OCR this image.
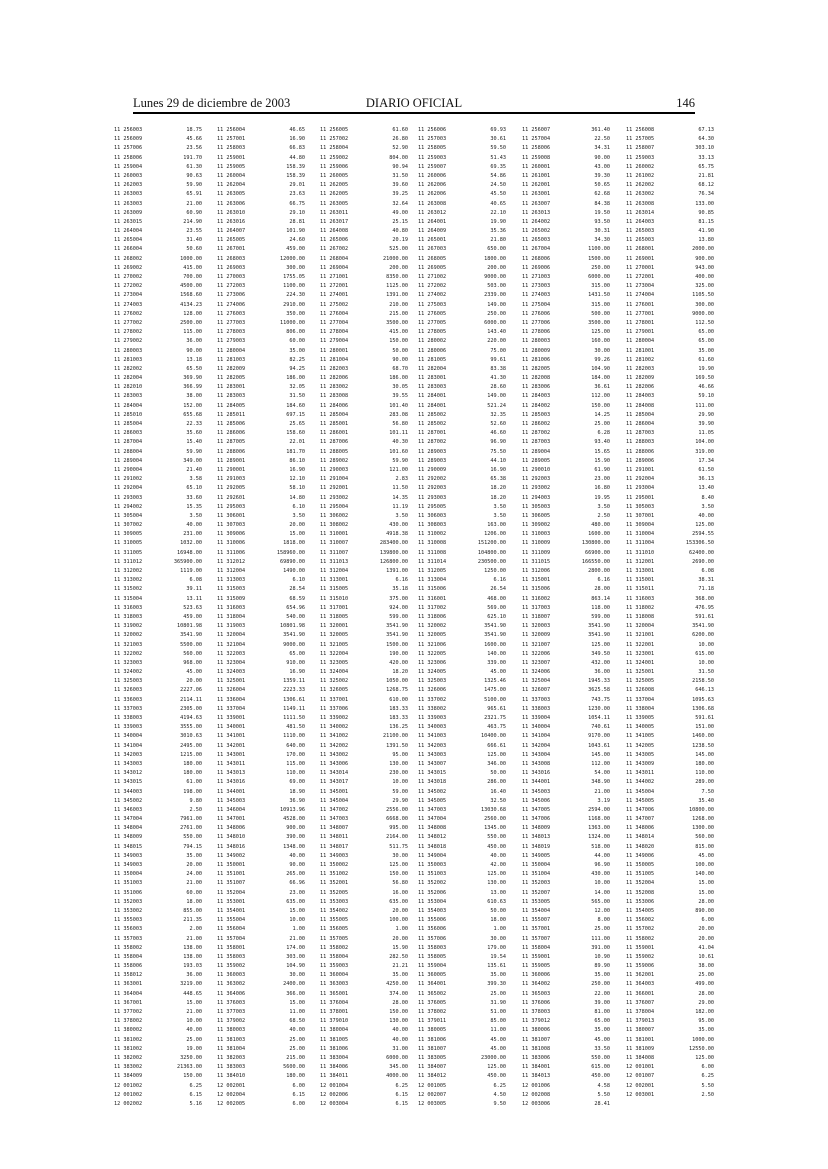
Lunes 29 de diciembre de 2003	DIARIO OFICIAL	146
11 256003	18.75
11 256009	45.66
11 257006	23.56
11 258006	191.70
11 259004	61.30
11 260003	90.63
11 262003	59.90
11 263003	65.91
11 263003	21.00
11 263009	60.90
11 263015	214.90
11 264004	23.55
11 265004	31.40
11 266004	50.60
11 268002	1000.00
11 269002	415.00
11 270002	700.00
11 272002	4500.00
11 273004	1568.60
11 274003	4134.23
11 276002	128.00
11 277002	2500.00
11 278002	115.00
11 279002	36.00
11 280003	90.00
11 281003	13.18
11 282002	65.50
11 282004	369.90
11 282010	366.99
11 283003	38.00
11 284004	152.00
11 285010	655.68
11 285004	22.33
11 286003	35.60
11 287004	15.40
11 288004	59.90
11 289004	349.00
11 290004	21.40
11 291002	3.58
11 292004	65.10
11 293003	33.60
11 294002	15.35
11 305004	3.50
11 307002	40.00
11 309005	231.00
11 310005	1032.00
11 311005	16948.00
11 311012	365900.00
11 312002	1119.00
11 313002	6.08
11 315002	39.11
11 315004	13.11
11 316003	523.63
11 318003	459.00
11 319002	10801.98
11 320002	3541.90
11 321003	5500.00
11 322002	560.00
11 323003	968.00
11 324002	45.00
11 325003	20.00
11 326003	2227.06
11 336003	2114.11
11 337003	2305.00
11 338003	4194.63
11 339003	3555.00
11 340004	3010.63
11 341004	2495.00
11 342003	1215.00
11 343003	180.00
11 343012	180.00
11 343015	61.00
11 344003	198.00
11 345002	9.80
11 346003	2.50
11 347004	7961.00
11 348004	2761.00
11 348009	550.00
11 348015	794.15
11 349003	35.00
11 349003	20.00
11 350004	24.00
11 351003	21.00
11 351006	60.00
11 352003	18.00
11 353002	855.00
11 355003	211.35
11 356003	2.00
11 357003	21.00
11 358002	138.00
11 358004	138.00
11 358006	193.03
11 358012	36.00
11 363001	3219.00
11 364004	448.65
11 367001	15.00
11 377002	21.00
11 378002	10.00
11 380002	40.00
11 381002	25.00
11 381002	19.00
11 382002	3250.00
11 383002	21363.00
11 384009	150.00
12 001002	6.25
12 001002	6.15
12 002002	5.16
11 256004	46.65
11 257001	16.90
11 258003	66.83
11 259001	44.80
11 259005	158.39
11 260004	158.39
11 262004	29.01
11 263005	23.63
11 263006	66.75
11 263010	29.10
11 263016	28.81
11 264007	101.90
11 265005	24.60
11 267001	459.00
11 268003	12000.00
11 269003	300.00
11 270003	1755.05
11 272003	1100.00
11 273006	224.30
11 274006	2910.00
11 276003	350.00
11 277003	11000.00
11 278003	806.00
11 279003	60.00
11 280004	35.00
11 281003	82.25
11 282009	94.25
11 282005	186.00
11 283001	32.05
11 283003	31.50
11 284005	184.60
11 285011	697.15
11 285006	25.65
11 286006	158.60
11 287005	22.01
11 288006	181.70
11 289001	86.10
11 290001	16.90
11 291003	12.10
11 292005	58.10
11 292601	14.80
11 295003	6.10
11 306001	3.50
11 307003	20.00
11 309006	15.00
11 310006	1818.00
11 311006	158960.00
11 312012	69890.00
11 312004	1490.00
11 313003	6.10
11 315003	28.54
11 315009	68.59
11 316003	654.96
11 318004	540.00
11 319003	10801.98
11 320004	3541.90
11 321004	9000.00
11 322003	65.00
11 323004	910.00
11 324003	16.90
11 325001	1359.11
11 326004	2223.33
11 336004	1306.61
11 337004	1149.11
11 339001	1111.50
11 340001	481.50
11 341001	1110.00
11 342001	640.00
11 343001	170.00
11 343011	115.00
11 343013	110.00
11 343016	69.00
11 344001	18.90
11 345003	36.90
11 346004	10913.96
11 347001	4528.00
11 348006	900.00
11 348010	390.00
11 348016	1348.00
11 349002	40.00
11 350001	90.00
11 351001	265.00
11 351007	66.96
11 352004	23.00
11 353001	635.00
11 354001	15.00
11 355004	10.00
11 356004	1.00
11 357004	21.00
11 358001	174.00
11 358003	303.00
11 359002	104.90
11 360003	30.00
11 363002	2400.00
11 364006	366.00
11 376003	15.00
11 377003	11.00
11 379002	68.50
11 380003	40.00
11 381003	25.00
11 381004	25.00
11 382003	215.00
11 383003	5600.00
11 384010	180.00
12 002001	6.00
12 002004	6.15
12 002005	6.00
11 256005	61.60
11 257002	26.80
11 258004	52.90
11 259002	804.00
11 259006	90.94
11 260005	31.50
11 262005	39.60
11 262005	39.25
11 263005	32.64
11 263011	49.00
11 263017	25.15
11 264008	40.80
11 265006	20.19
11 267002	525.00
11 268004	21000.00
11 269004	200.00
11 271001	8350.00
11 272001	1125.00
11 274001	1391.00
11 275002	210.00
11 276004	215.00
11 277004	3500.00
11 278004	415.00
11 279004	150.00
11 280001	50.00
11 281004	90.00
11 282003	68.70
11 282006	186.00
11 283002	30.05
11 283008	39.55
11 284006	101.40
11 285004	283.08
11 285001	56.80
11 286001	101.11
11 287006	40.30
11 288005	101.60
11 289002	59.90
11 290003	121.00
11 291004	2.83
11 292001	11.50
11 293002	14.35
11 295004	11.19
11 306002	3.50
11 308002	430.00
11 310001	4918.38
11 310007	283400.00
11 311007	139800.00
11 311013	126800.00
11 312004	1391.00
11 313001	6.16
11 315005	35.18
11 315010	375.00
11 317001	924.00
11 318005	599.00
11 320001	3541.90
11 320005	3541.90
11 321005	1500.00
11 322004	190.00
11 323005	420.00
11 324004	18.20
11 325002	1050.00
11 326005	1268.75
11 337001	610.00
11 337006	183.33
11 339002	183.33
11 340002	136.25
11 341002	21100.00
11 342002	1391.50
11 343002	95.00
11 343006	130.00
11 343014	230.00
11 343017	10.00
11 345001	59.00
11 345004	29.90
11 347002	2556.00
11 347003	6668.00
11 348007	995.00
11 348011	2164.00
11 348017	511.75
11 349003	30.00
11 350002	125.00
11 351002	150.00
11 352001	56.80
11 352005	16.00
11 353003	635.00
11 354002	20.00
11 355005	100.00
11 356005	1.00
11 357005	20.00
11 358002	15.90
11 358004	282.50
11 359003	21.21
11 360004	35.00
11 363003	4250.00
11 365001	374.00
11 376004	28.00
11 378001	150.00
11 379010	130.00
11 380004	40.00
11 381005	40.00
11 381006	31.00
11 383004	6000.00
11 384006	345.00
11 384011	4000.00
12 001004	6.25
12 002006	6.15
12 003004	6.15
11 256006	69.93
11 257003	30.61
11 258005	59.50
11 259003	51.43
11 259007	69.35
11 260006	54.86
11 262006	24.50
11 262006	45.50
11 263008	40.65
11 263012	22.10
11 264001	19.90
11 264009	35.36
11 265001	21.80
11 267003	650.00
11 268005	1800.00
11 269005	200.00
11 271002	9000.00
11 272002	503.00
11 274002	2339.00
11 275003	149.00
11 276005	250.00
11 277005	6000.00
11 278005	143.40
11 280002	220.00
11 280006	75.00
11 281005	99.61
11 282004	83.38
11 283001	41.30
11 283003	28.60
11 284001	149.00
11 284001	521.24
11 285002	32.35
11 285002	52.60
11 287001	46.60
11 287002	96.90
11 289003	75.50
11 289003	44.10
11 290009	16.90
11 292002	65.38
11 292003	18.20
11 293003	18.20
11 295005	3.50
11 306003	3.50
11 308003	163.00
11 310002	1206.00
11 310008	151200.00
11 311008	104800.00
11 311014	230500.00
11 312005	1250.00
11 313004	6.16
11 315006	26.54
11 316001	468.00
11 317002	569.00
11 318006	625.10
11 320002	3541.90
11 320005	3541.90
11 321006	1600.00
11 322005	140.00
11 323006	339.00
11 324005	45.00
11 325003	1325.46
11 326006	1475.00
11 337002	5100.00
11 338002	965.61
11 339003	2321.75
11 340003	463.75
11 341003	10400.00
11 342003	666.61
11 343003	125.00
11 343007	346.00
11 343015	50.00
11 343018	286.00
11 345002	16.40
11 345005	32.50
11 347003	13030.68
11 347004	2560.00
11 348008	1345.00
11 348012	550.00
11 348018	450.00
11 349004	40.00
11 350003	42.00
11 351003	125.00
11 352002	130.00
11 352006	13.00
11 353004	610.63
11 354003	50.00
11 355006	18.00
11 356006	1.00
11 357006	30.00
11 358003	179.00
11 358005	19.54
11 359004	135.61
11 360005	35.00
11 364001	399.30
11 365002	25.00
11 376005	31.90
11 378002	51.00
11 379011	85.00
11 380005	11.00
11 381006	45.00
11 381007	45.00
11 383005	23000.00
11 384007	125.00
11 384012	450.00
12 001005	6.25
12 002007	4.50
12 003005	9.50
11 256007	361.40
11 257004	22.50
11 258006	34.31
11 259008	90.00
11 260001	43.00
11 261001	39.30
11 262001	50.65
11 263001	62.68
11 263007	84.38
11 263013	19.50
11 264002	93.50
11 265002	30.31
11 265003	34.30
11 267004	1100.00
11 268006	1500.00
11 269006	250.00
11 271003	6000.00
11 273003	315.00
11 274003	1431.50
11 275004	315.00
11 276006	500.00
11 277006	3500.00
11 278006	125.00
11 280003	160.00
11 280009	30.00
11 281006	99.26
11 282005	104.90
11 282008	184.00
11 283006	36.61
11 284003	112.00
11 284002	150.00
11 285003	14.25
11 286002	25.00
11 287002	6.28
11 287003	93.40
11 289004	15.65
11 289005	15.90
11 290010	61.90
11 292003	23.00
11 293002	16.80
11 294003	19.95
11 305003	3.50
11 306005	2.50
11 309002	480.00
11 310003	1600.00
11 310009	130800.00
11 311009	66900.00
11 311015	166550.00
11 312006	2800.00
11 315001	6.16
11 315006	28.00
11 316002	863.14
11 317003	118.00
11 318007	599.00
11 320003	3541.90
11 320009	3541.90
11 321007	125.00
11 322006	349.50
11 323007	432.00
11 324006	36.00
11 325004	1945.33
11 326007	3625.58
11 337003	743.75
11 338003	1230.00
11 339004	1054.11
11 340004	740.61
11 341004	9170.00
11 342004	1043.61
11 343004	145.00
11 343008	112.00
11 343016	54.00
11 344001	348.90
11 345003	21.00
11 345006	3.19
11 347005	2594.00
11 347006	1168.00
11 348009	1363.00
11 348013	1324.00
11 348019	518.00
11 349005	44.00
11 350004	96.90
11 351004	430.00
11 352003	10.00
11 352007	14.00
11 353005	565.00
11 354004	12.00
11 355007	8.00
11 357001	25.00
11 357007	111.00
11 358004	391.00
11 359001	10.90
11 359005	89.90
11 360006	35.00
11 364002	250.00
11 365003	22.00
11 376006	39.00
11 378003	81.00
11 379012	65.00
11 380006	35.00
11 381007	45.00
11 381008	33.50
11 383006	550.00
11 384001	615.00
11 384013	450.00
12 001006	4.58
12 002008	5.50
12 003006	28.41
11 256008	67.13
11 257005	64.30
11 258007	303.10
11 259003	33.13
11 260002	65.75
11 261002	21.81
11 262002	68.12
11 263002	76.34
11 263008	133.00
11 263014	90.85
11 264003	81.15
11 265003	41.90
11 265003	13.80
11 268001	2000.00
11 269001	900.00
11 270001	943.00
11 272001	400.00
11 273004	325.00
11 274004	1105.50
11 276001	300.00
11 277001	9000.00
11 278001	112.50
11 279001	65.00
11 280004	65.00
11 281001	35.00
11 281002	61.60
11 282003	19.90
11 282009	169.50
11 282006	46.66
11 284003	59.10
11 284008	111.00
11 285004	29.90
11 286004	39.90
11 287003	11.05
11 288003	104.00
11 288006	319.00
11 289006	17.34
11 291001	61.50
11 292004	36.13
11 293004	13.40
11 295001	8.40
11 305003	3.50
11 307001	40.00
11 309004	125.00
11 310004	2594.55
11 311004	153306.50
11 311010	62400.00
11 312001	2690.00
11 313001	6.08
11 315001	38.31
11 315011	71.18
11 316003	368.00
11 318002	476.95
11 318008	591.61
11 320004	3541.90
11 321001	6200.00
11 322001	10.00
11 323001	615.00
11 324001	10.00
11 325001	31.50
11 325005	2158.50
11 326008	646.13
11 337004	1095.63
11 338004	1306.68
11 339005	591.61
11 340005	151.00
11 341005	1460.00
11 342005	1238.50
11 343005	145.00
11 343009	180.00
11 343011	110.00
11 344002	289.00
11 345004	7.50
11 345005	35.40
11 347006	10800.00
11 347007	1268.00
11 348006	1300.00
11 348014	560.00
11 348020	815.00
11 349006	45.00
11 350005	100.00
11 351005	140.00
11 352004	15.00
11 352008	15.00
11 353006	28.00
11 354005	890.00
11 356002	6.00
11 357002	20.00
11 358002	20.00
11 359001	41.04
11 359002	10.61
11 359006	38.00
11 362001	25.00
11 364003	499.00
11 366001	28.00
11 376007	29.00
11 378004	182.00
11 379013	95.00
11 380007	35.00
11 381001	1000.00
11 381009	12550.00
11 384008	125.00
12 001001	6.00
12 001007	6.25
12 002001	5.50
12 003001	2.50
